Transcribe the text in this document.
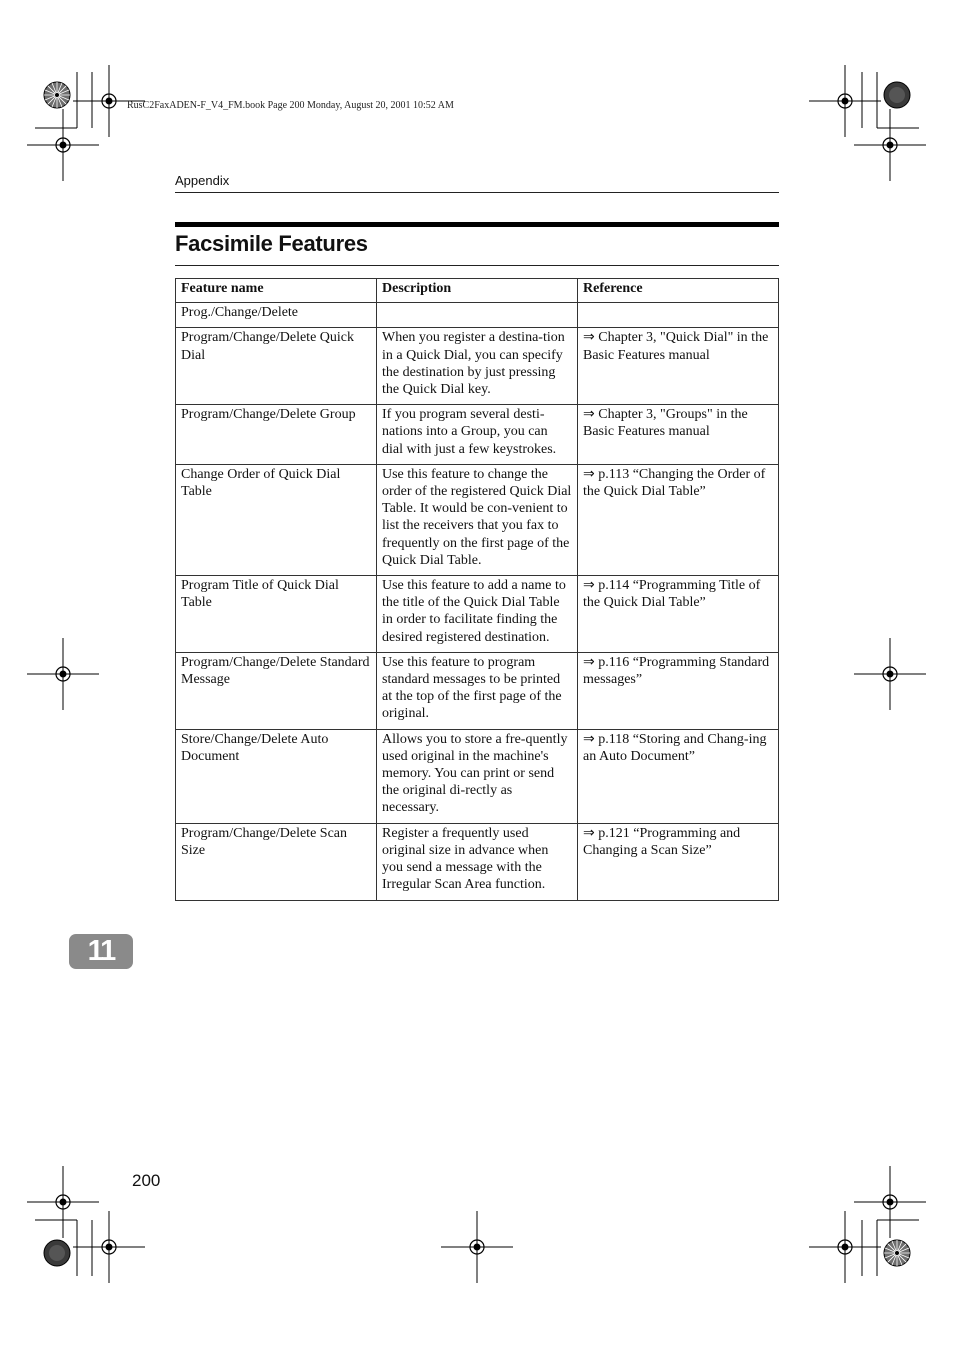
RusC2FaxADEN-F_V4_FM.book Page 200 Monday, August 20, 2001 10:52 AM
Appendix
Facsimile Features
Feature name	Description	Reference
Prog./Change/Delete		
Program/Change/Delete Quick Dial	When you register a destina-tion in a Quick Dial, you can specify the destination by just pressing the Quick Dial key.	⇒ Chapter 3, "Quick Dial" in the Basic Features manual
Program/Change/Delete Group	If you program several desti-nations into a Group, you can dial with just a few keystrokes.	⇒ Chapter 3, "Groups" in the Basic Features manual
Change Order of Quick Dial Table	Use this feature to change the order of the registered Quick Dial Table. It would be con-venient to list the receivers that you fax to frequently on the first page of the Quick Dial Table.	⇒ p.113 “Changing the Order of the Quick Dial Table”
Program Title of Quick Dial Table	Use this feature to add a name to the title of the Quick Dial Table in order to facilitate finding the desired registered destination.	⇒ p.114 “Programming Title of the Quick Dial Table”
Program/Change/Delete Standard Message	Use this feature to program standard messages to be printed at the top of the first page of the original.	⇒ p.116 “Programming Standard messages”
Store/Change/Delete Auto Document	Allows you to store a fre-quently used original in the machine's memory. You can print or send the original di-rectly as necessary.	⇒ p.118 “Storing and Chang-ing an Auto Document”
Program/Change/Delete Scan Size	Register a frequently used original size in advance when you send a message with the Irregular Scan Area function.	⇒ p.121 “Programming and Changing a Scan Size”
11
200
